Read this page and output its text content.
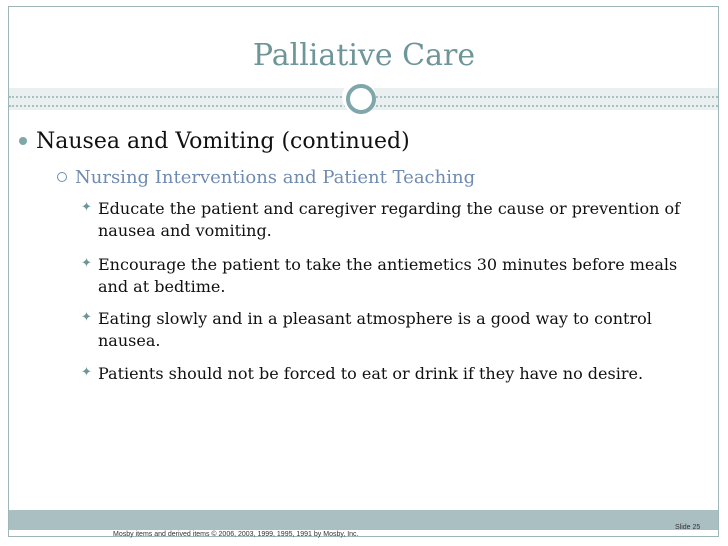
Palliative Care
Nausea and Vomiting (continued)
Nursing Interventions and Patient Teaching
✦ Educate the patient and caregiver regarding the cause or prevention of nausea and vomiting.
✦ Encourage the patient to take the antiemetics 30 minutes before meals and at bedtime.
✦ Eating slowly and in a pleasant atmosphere is a good way to control nausea.
✦ Patients should not be forced to eat or drink if they have no desire.
Slide 25
Mosby items and derived items © 2006, 2003, 1999, 1995, 1991 by Mosby, Inc.
